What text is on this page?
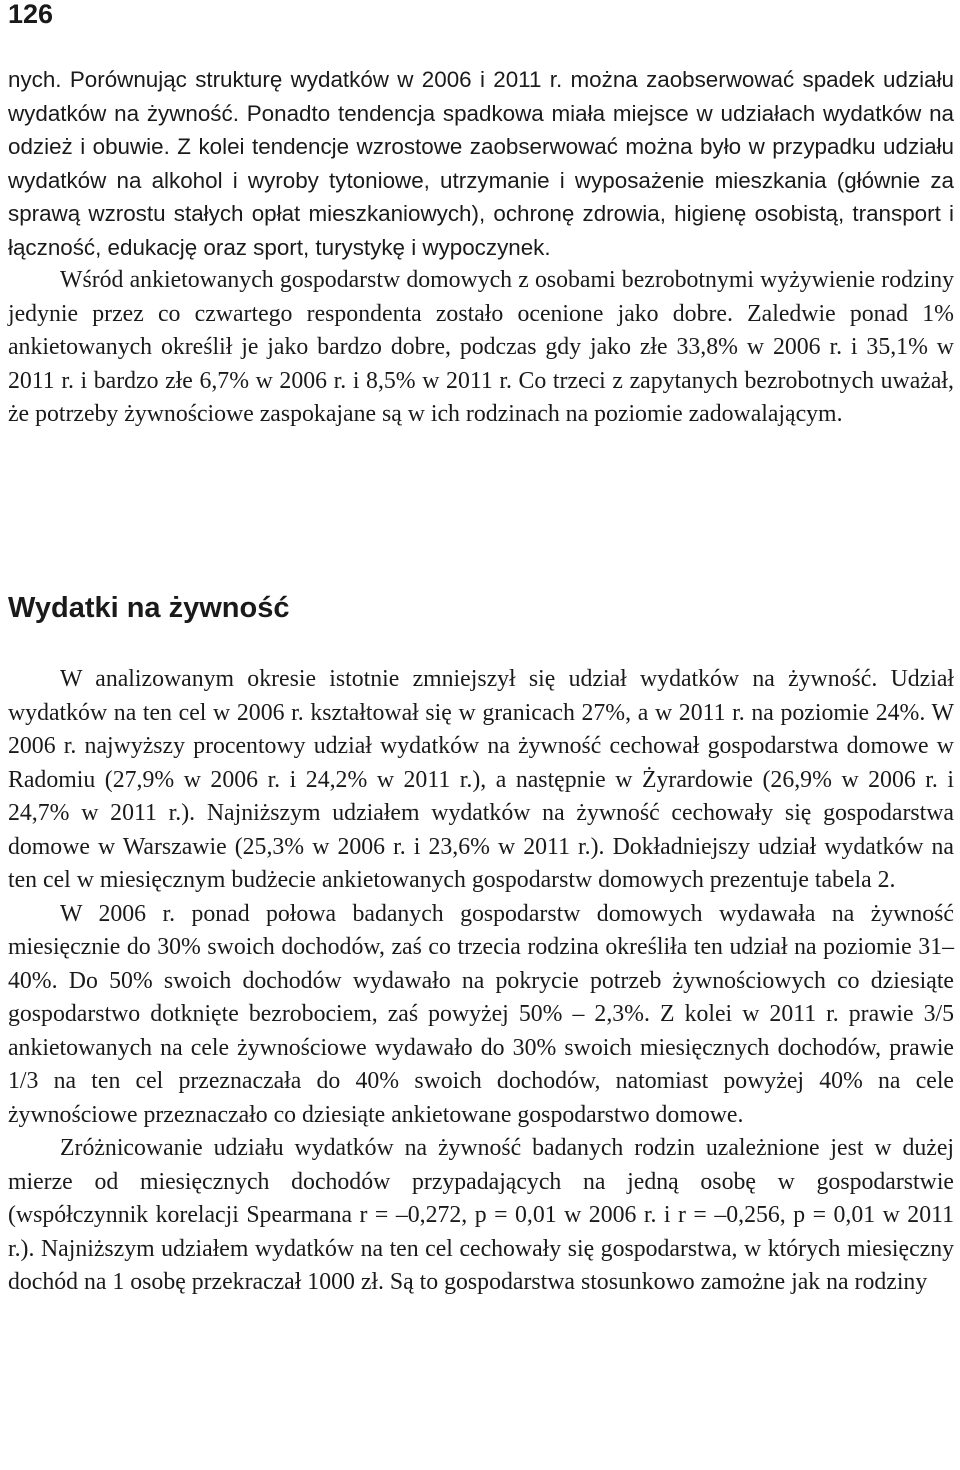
126

nych. Porównując strukturę wydatków w 2006 i 2011 r. można zaobserwować spadek udziału wydatków na żywność. Ponadto tendencja spadkowa miała miejsce w udziałach wydatków na odzież i obuwie. Z kolei tendencje wzrostowe zaobserwować można było w przypadku udziału wydatków na alkohol i wyroby tytoniowe, utrzymanie i wyposażenie mieszkania (głównie za sprawą wzrostu stałych opłat mieszkaniowych), ochronę zdrowia, higienę osobistą, transport i łączność, edukację oraz sport, turystykę i wypoczynek.

Wśród ankietowanych gospodarstw domowych z osobami bezrobotnymi wyżywienie rodziny jedynie przez co czwartego respondenta zostało ocenione jako dobre. Zaledwie ponad 1% ankietowanych określił je jako bardzo dobre, podczas gdy jako złe 33,8% w 2006 r. i 35,1% w 2011 r. i bardzo złe 6,7% w 2006 r. i 8,5% w 2011 r. Co trzeci z zapytanych bezrobotnych uważał, że potrzeby żywnościowe zaspokajane są w ich rodzinach na poziomie zadowalającym.

Wydatki na żywność

W analizowanym okresie istotnie zmniejszył się udział wydatków na żywność. Udział wydatków na ten cel w 2006 r. kształtował się w granicach 27%, a w 2011 r. na poziomie 24%. W 2006 r. najwyższy procentowy udział wydatków na żywność cechował gospodarstwa domowe w Radomiu (27,9% w 2006 r. i 24,2% w 2011 r.), a następnie w Żyrardowie (26,9% w 2006 r. i 24,7% w 2011 r.). Najniższym udziałem wydatków na żywność cechowały się gospodarstwa domowe w Warszawie (25,3% w 2006 r. i 23,6% w 2011 r.). Dokładniejszy udział wydatków na ten cel w miesięcznym budżecie ankietowanych gospodarstw domowych prezentuje tabela 2.

W 2006 r. ponad połowa badanych gospodarstw domowych wydawała na żywność miesięcznie do 30% swoich dochodów, zaś co trzecia rodzina określiła ten udział na poziomie 31–40%. Do 50% swoich dochodów wydawało na pokrycie potrzeb żywnościowych co dziesiąte gospodarstwo dotknięte bezrobociem, zaś powyżej 50% – 2,3%. Z kolei w 2011 r. prawie 3/5 ankietowanych na cele żywnościowe wydawało do 30% swoich miesięcznych dochodów, prawie 1/3 na ten cel przeznaczała do 40% swoich dochodów, natomiast powyżej 40% na cele żywnościowe przeznaczało co dziesiąte ankietowane gospodarstwo domowe.

Zróżnicowanie udziału wydatków na żywność badanych rodzin uzależnione jest w dużej mierze od miesięcznych dochodów przypadających na jedną osobę w gospodarstwie (współczynnik korelacji Spearmana r = –0,272, p = 0,01 w 2006 r. i r = –0,256, p = 0,01 w 2011 r.). Najniższym udziałem wydatków na ten cel cechowały się gospodarstwa, w których miesięczny dochód na 1 osobę przekraczał 1000 zł. Są to gospodarstwa stosunkowo zamożne jak na rodziny
